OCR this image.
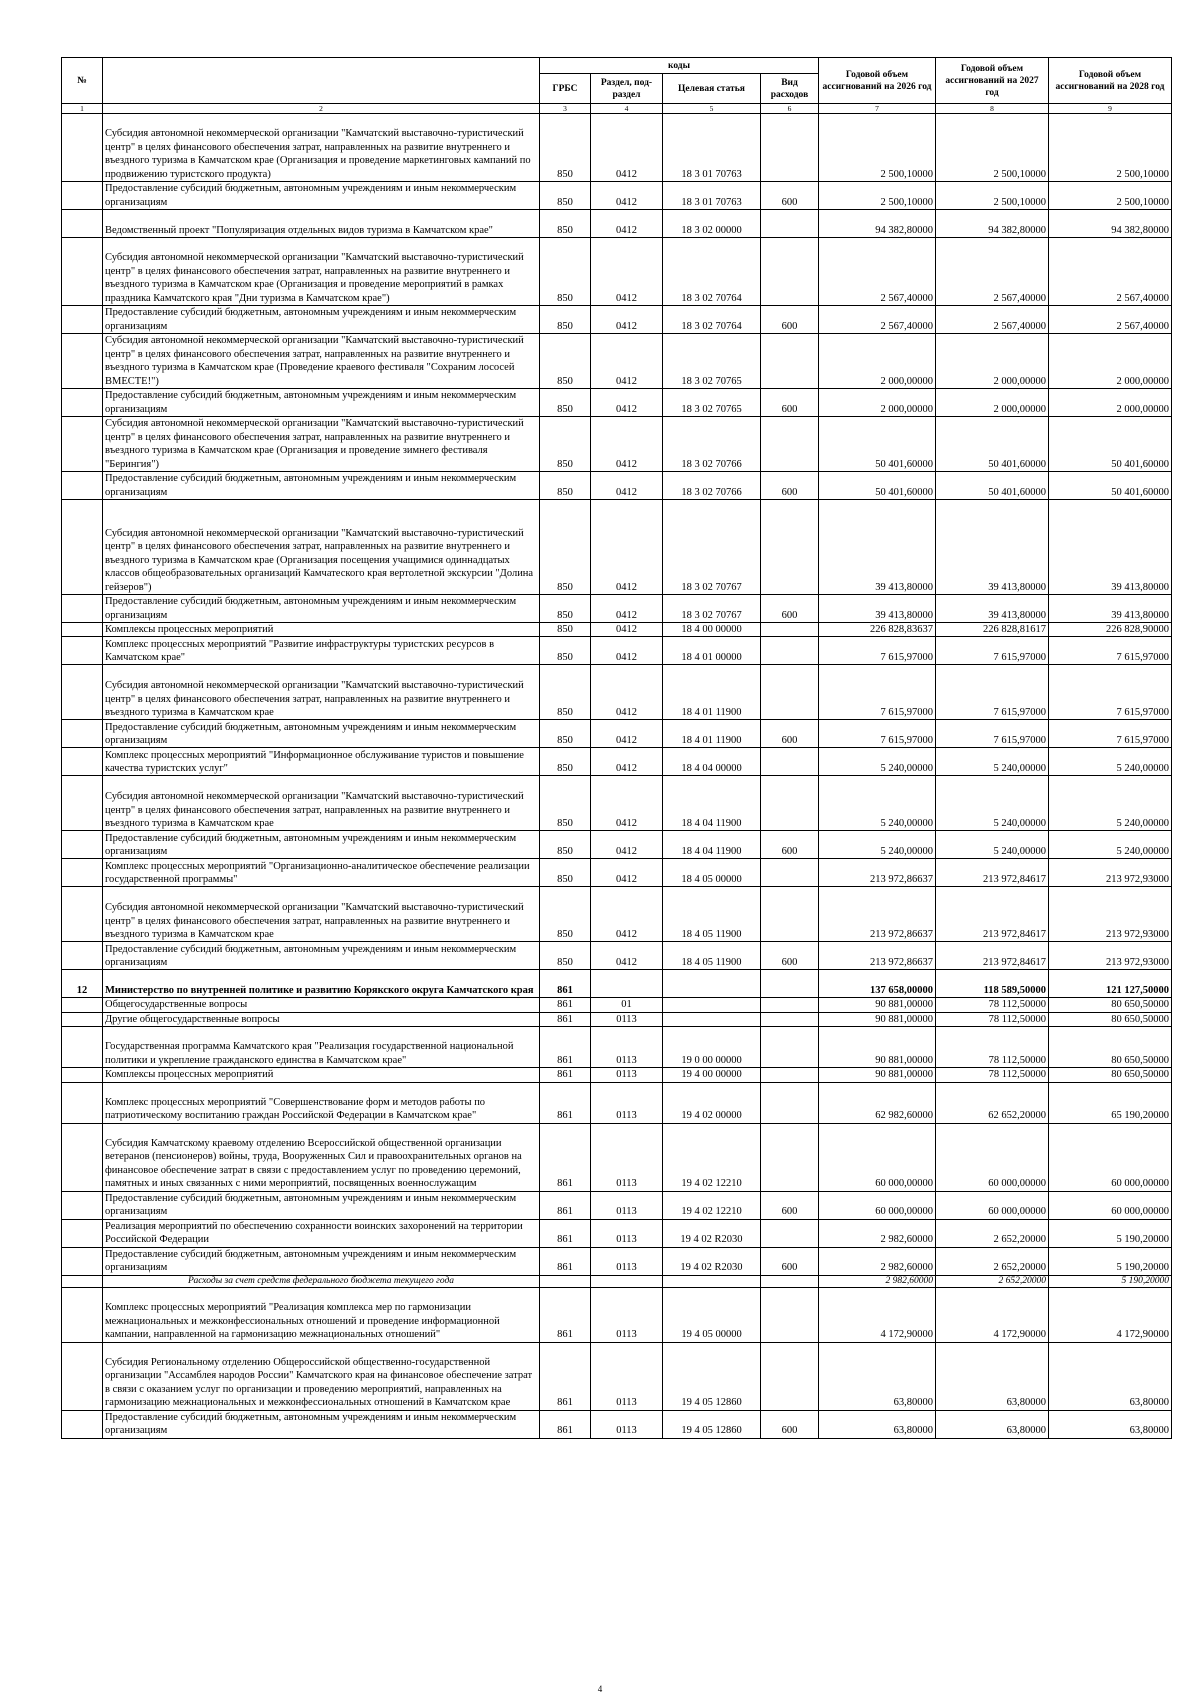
№		коды				Годовой объем ассигнований на 2026 год	Годовой объем ассигнований на 2027 год	Годовой объем ассигнований на 2028 год
		ГРБС	Раздел, под-раздел	Целевая статья	Вид расходов			
1	2	3	4	5	6	7	8	9
	Субсидия автономной некоммерческой организации "Камчатский выставочно-туристический центр" в целях финансового обеспечения затрат, направленных на развитие внутреннего и въездного туризма в Камчатском крае (Организация и проведение маркетинговых кампаний по продвижению туристского продукта)	850	0412	18 3 01 70763		2 500,10000	2 500,10000	2 500,10000
	Предоставление субсидий бюджетным, автономным учреждениям и иным некоммерческим организациям	850	0412	18 3 01 70763	600	2 500,10000	2 500,10000	2 500,10000
	Ведомственный проект "Популяризация отдельных видов туризма в Камчатском крае"	850	0412	18 3 02 00000		94 382,80000	94 382,80000	94 382,80000
	Субсидия автономной некоммерческой организации "Камчатский выставочно-туристический центр" в целях финансового обеспечения затрат, направленных на развитие внутреннего и въездного туризма в Камчатском крае (Организация и проведение мероприятий в рамках праздника Камчатского края "Дни туризма в Камчатском крае")	850	0412	18 3 02 70764		2 567,40000	2 567,40000	2 567,40000
	Предоставление субсидий бюджетным, автономным учреждениям и иным некоммерческим организациям	850	0412	18 3 02 70764	600	2 567,40000	2 567,40000	2 567,40000
	Субсидия автономной некоммерческой организации "Камчатский выставочно-туристический центр" в целях финансового обеспечения затрат, направленных на развитие внутреннего и въездного туризма в Камчатском крае (Проведение краевого фестиваля "Сохраним лососей ВМЕСТЕ!")	850	0412	18 3 02 70765		2 000,00000	2 000,00000	2 000,00000
	Предоставление субсидий бюджетным, автономным учреждениям и иным некоммерческим организациям	850	0412	18 3 02 70765	600	2 000,00000	2 000,00000	2 000,00000
	Субсидия автономной некоммерческой организации "Камчатский выставочно-туристический центр" в целях финансового обеспечения затрат, направленных на развитие внутреннего и въездного туризма в Камчатском крае (Организация и проведение зимнего фестиваля "Берингия")	850	0412	18 3 02 70766		50 401,60000	50 401,60000	50 401,60000
	Предоставление субсидий бюджетным, автономным учреждениям и иным некоммерческим организациям	850	0412	18 3 02 70766	600	50 401,60000	50 401,60000	50 401,60000
	Субсидия автономной некоммерческой организации "Камчатский выставочно-туристический центр" в целях финансового обеспечения затрат, направленных на развитие внутреннего и въездного туризма в Камчатском крае (Организация посещения учащимися одиннадцатых классов общеобразовательных организаций Камчатеского края вертолетной экскурсии "Долина гейзеров")	850	0412	18 3 02 70767		39 413,80000	39 413,80000	39 413,80000
	Предоставление субсидий бюджетным, автономным учреждениям и иным некоммерческим организациям	850	0412	18 3 02 70767	600	39 413,80000	39 413,80000	39 413,80000
	Комплексы процессных мероприятий	850	0412	18 4 00 00000		226 828,83637	226 828,81617	226 828,90000
	Комплекс процессных мероприятий "Развитие инфраструктуры туристских ресурсов в Камчатском крае"	850	0412	18 4 01 00000		7 615,97000	7 615,97000	7 615,97000
	Субсидия автономной некоммерческой организации "Камчатский выставочно-туристический центр" в целях финансового обеспечения затрат, направленных на развитие внутреннего и въездного туризма в Камчатском крае	850	0412	18 4 01 11900		7 615,97000	7 615,97000	7 615,97000
	Предоставление субсидий бюджетным, автономным учреждениям и иным некоммерческим организациям	850	0412	18 4 01 11900	600	7 615,97000	7 615,97000	7 615,97000
	Комплекс процессных мероприятий "Информационное обслуживание туристов и повышение качества туристских услуг"	850	0412	18 4 04 00000		5 240,00000	5 240,00000	5 240,00000
	Субсидия автономной некоммерческой организации "Камчатский выставочно-туристический центр" в целях финансового обеспечения затрат, направленных на развитие внутреннего и въездного туризма в Камчатском крае	850	0412	18 4 04 11900		5 240,00000	5 240,00000	5 240,00000
	Предоставление субсидий бюджетным, автономным учреждениям и иным некоммерческим организациям	850	0412	18 4 04 11900	600	5 240,00000	5 240,00000	5 240,00000
	Комплекс процессных мероприятий "Организационно-аналитическое обеспечение реализации государственной программы"	850	0412	18 4 05 00000		213 972,86637	213 972,84617	213 972,93000
	Субсидия автономной некоммерческой организации "Камчатский выставочно-туристический центр" в целях финансового обеспечения затрат, направленных на развитие внутреннего и въездного туризма в Камчатском крае	850	0412	18 4 05 11900		213 972,86637	213 972,84617	213 972,93000
	Предоставление субсидий бюджетным, автономным учреждениям и иным некоммерческим организациям	850	0412	18 4 05 11900	600	213 972,86637	213 972,84617	213 972,93000
12	Министерство по внутренней политике и развитию Корякского округа Камчатского края	861				137 658,00000	118 589,50000	121 127,50000
	Общегосударственные вопросы	861	01			90 881,00000	78 112,50000	80 650,50000
	Другие общегосударственные вопросы	861	0113			90 881,00000	78 112,50000	80 650,50000
	Государственная программа Камчатского края "Реализация государственной национальной политики и укрепление гражданского единства в Камчатском крае"	861	0113	19 0 00 00000		90 881,00000	78 112,50000	80 650,50000
	Комплексы процессных мероприятий	861	0113	19 4 00 00000		90 881,00000	78 112,50000	80 650,50000
	Комплекс процессных мероприятий "Совершенствование форм и методов работы по патриотическому воспитанию граждан Российской Федерации в Камчатском крае"	861	0113	19 4 02 00000		62 982,60000	62 652,20000	65 190,20000
	Субсидия Камчатскому краевому отделению Всероссийской общественной организации ветеранов (пенсионеров) войны, труда, Вооруженных Сил и правоохранительных органов на финансовое обеспечение затрат в связи с предоставлением услуг по проведению церемоний, памятных и иных связанных с ними мероприятий, посвященных военнослужащим	861	0113	19 4 02 12210		60 000,00000	60 000,00000	60 000,00000
	Предоставление субсидий бюджетным, автономным учреждениям и иным некоммерческим организациям	861	0113	19 4 02 12210	600	60 000,00000	60 000,00000	60 000,00000
	Реализация мероприятий по обеспечению сохранности воинских захоронений на территории Российской Федерации	861	0113	19 4 02 R2030		2 982,60000	2 652,20000	5 190,20000
	Предоставление субсидий бюджетным, автономным учреждениям и иным некоммерческим организациям	861	0113	19 4 02 R2030	600	2 982,60000	2 652,20000	5 190,20000
	Расходы за счет средств федерального бюджета текущего года					2 982,60000	2 652,20000	5 190,20000
	Комплекс процессных мероприятий "Реализация комплекса мер по гармонизации межнациональных и межконфессиональных отношений и проведение информационной кампании, направленной на гармонизацию межнациональных отношений"	861	0113	19 4 05 00000		4 172,90000	4 172,90000	4 172,90000
	Субсидия Региональному отделению Общероссийской общественно-государственной организации "Ассамблея народов России" Камчатского края на финансовое обеспечение затрат в связи с оказанием услуг по организации и проведению мероприятий, направленных на гармонизацию межнациональных и межконфессиональных отношений в Камчатском крае	861	0113	19 4 05 12860		63,80000	63,80000	63,80000
	Предоставление субсидий бюджетным, автономным учреждениям и иным некоммерческим организациям	861	0113	19 4 05 12860	600	63,80000	63,80000	63,80000
4
